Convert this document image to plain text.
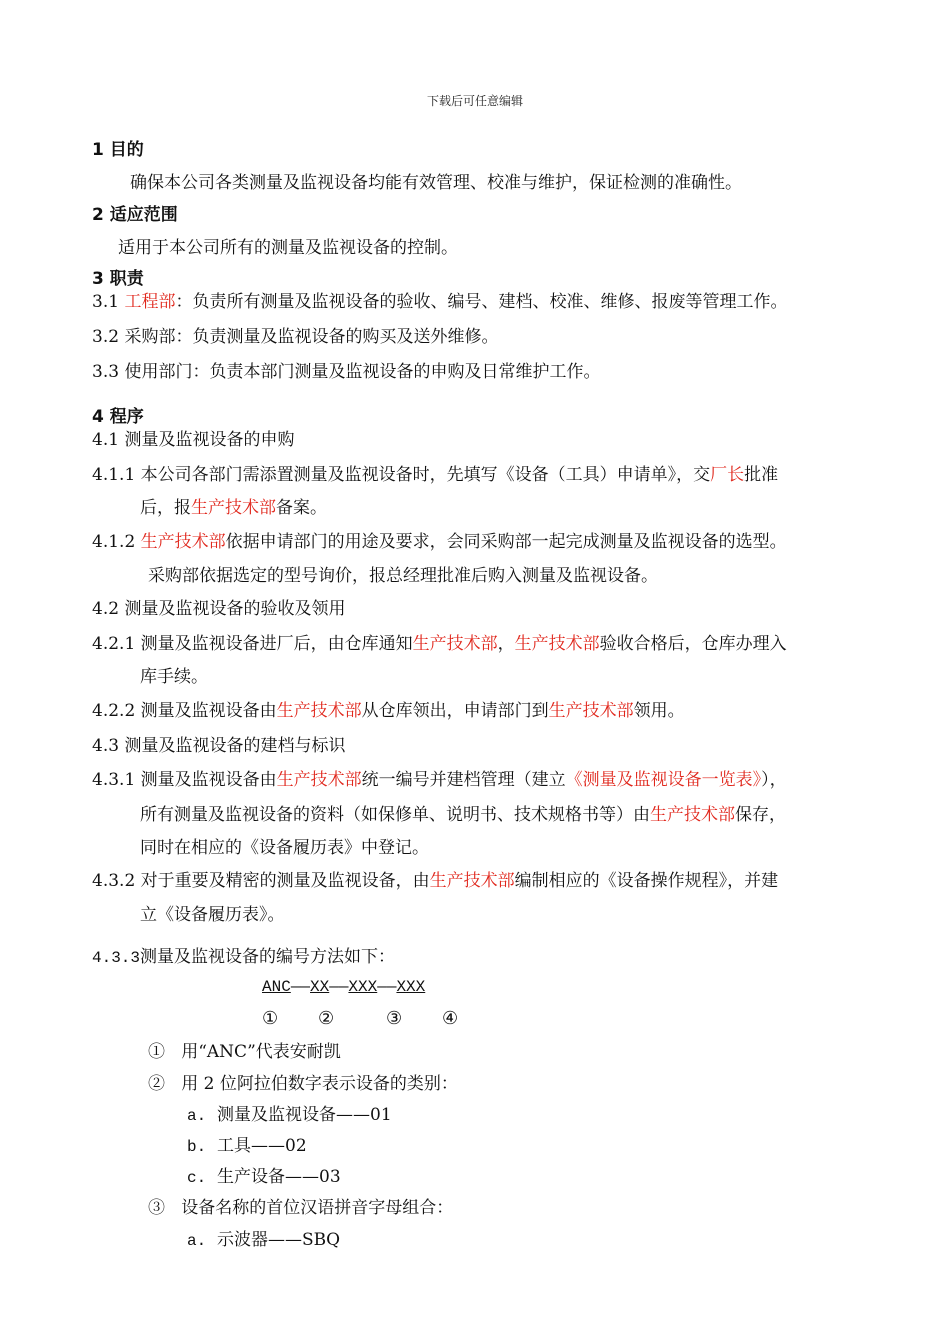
下载后可任意编辑
1 目的
确保本公司各类测量及监视设备均能有效管理、校准与维护，保证检测的准确性。
2 适应范围
适用于本公司所有的测量及监视设备的控制。
3 职责
3.1 工程部：负责所有测量及监视设备的验收、编号、建档、校准、维修、报废等管理工作。
3.2 采购部：负责测量及监视设备的购买及送外维修。
3.3 使用部门：负责本部门测量及监视设备的申购及日常维护工作。
4 程序
4.1 测量及监视设备的申购
4.1.1 本公司各部门需添置测量及监视设备时，先填写《设备（工具）申请单》，交厂长批准
后，报生产技术部备案。
4.1.2 生产技术部依据申请部门的用途及要求，会同采购部一起完成测量及监视设备的选型。
采购部依据选定的型号询价，报总经理批准后购入测量及监视设备。
4.2 测量及监视设备的验收及领用
4.2.1 测量及监视设备进厂后，由仓库通知生产技术部，生产技术部验收合格后，仓库办理入
库手续。
4.2.2 测量及监视设备由生产技术部从仓库领出，申请部门到生产技术部领用。
4.3 测量及监视设备的建档与标识
4.3.1 测量及监视设备由生产技术部统一编号并建档管理（建立《测量及监视设备一览表》），
所有测量及监视设备的资料（如保修单、说明书、技术规格书等）由生产技术部保存，
同时在相应的《设备履历表》中登记。
4.3.2 对于重要及精密的测量及监视设备，由生产技术部编制相应的《设备操作规程》，并建
立《设备履历表》。
4.3.3测量及监视设备的编号方法如下：
ANC——XX——XXX——XXX
① ②	③ ④
① 用“ANC”代表安耐凯
② 用 2 位阿拉伯数字表示设备的类别：
a. 测量及监视设备——01
b. 工具——02
c. 生产设备——03
③ 设备名称的首位汉语拼音字母组合：
a. 示波器——SBQ
